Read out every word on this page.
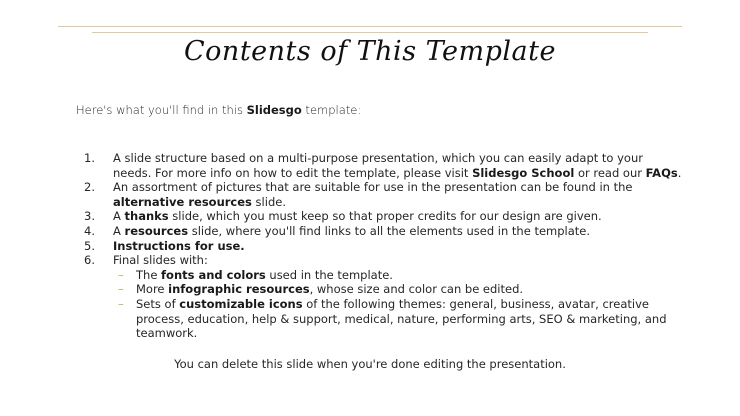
Contents of This Template
Here's what you'll find in this Slidesgo template:
1.	A slide structure based on a multi-purpose presentation, which you can easily adapt to your needs. For more info on how to edit the template, please visit Slidesgo School or read our FAQs.
2.	An assortment of pictures that are suitable for use in the presentation can be found in the alternative resources slide.
3.	A thanks slide, which you must keep so that proper credits for our design are given.
4.	A resources slide, where you'll find links to all the elements used in the template.
5.	Instructions for use.
6.	Final slides with:
–	The fonts and colors used in the template.
–	More infographic resources, whose size and color can be edited.
–	Sets of customizable icons of the following themes: general, business, avatar, creative process, education, help & support, medical, nature, performing arts, SEO & marketing, and teamwork.
You can delete this slide when you're done editing the presentation.
